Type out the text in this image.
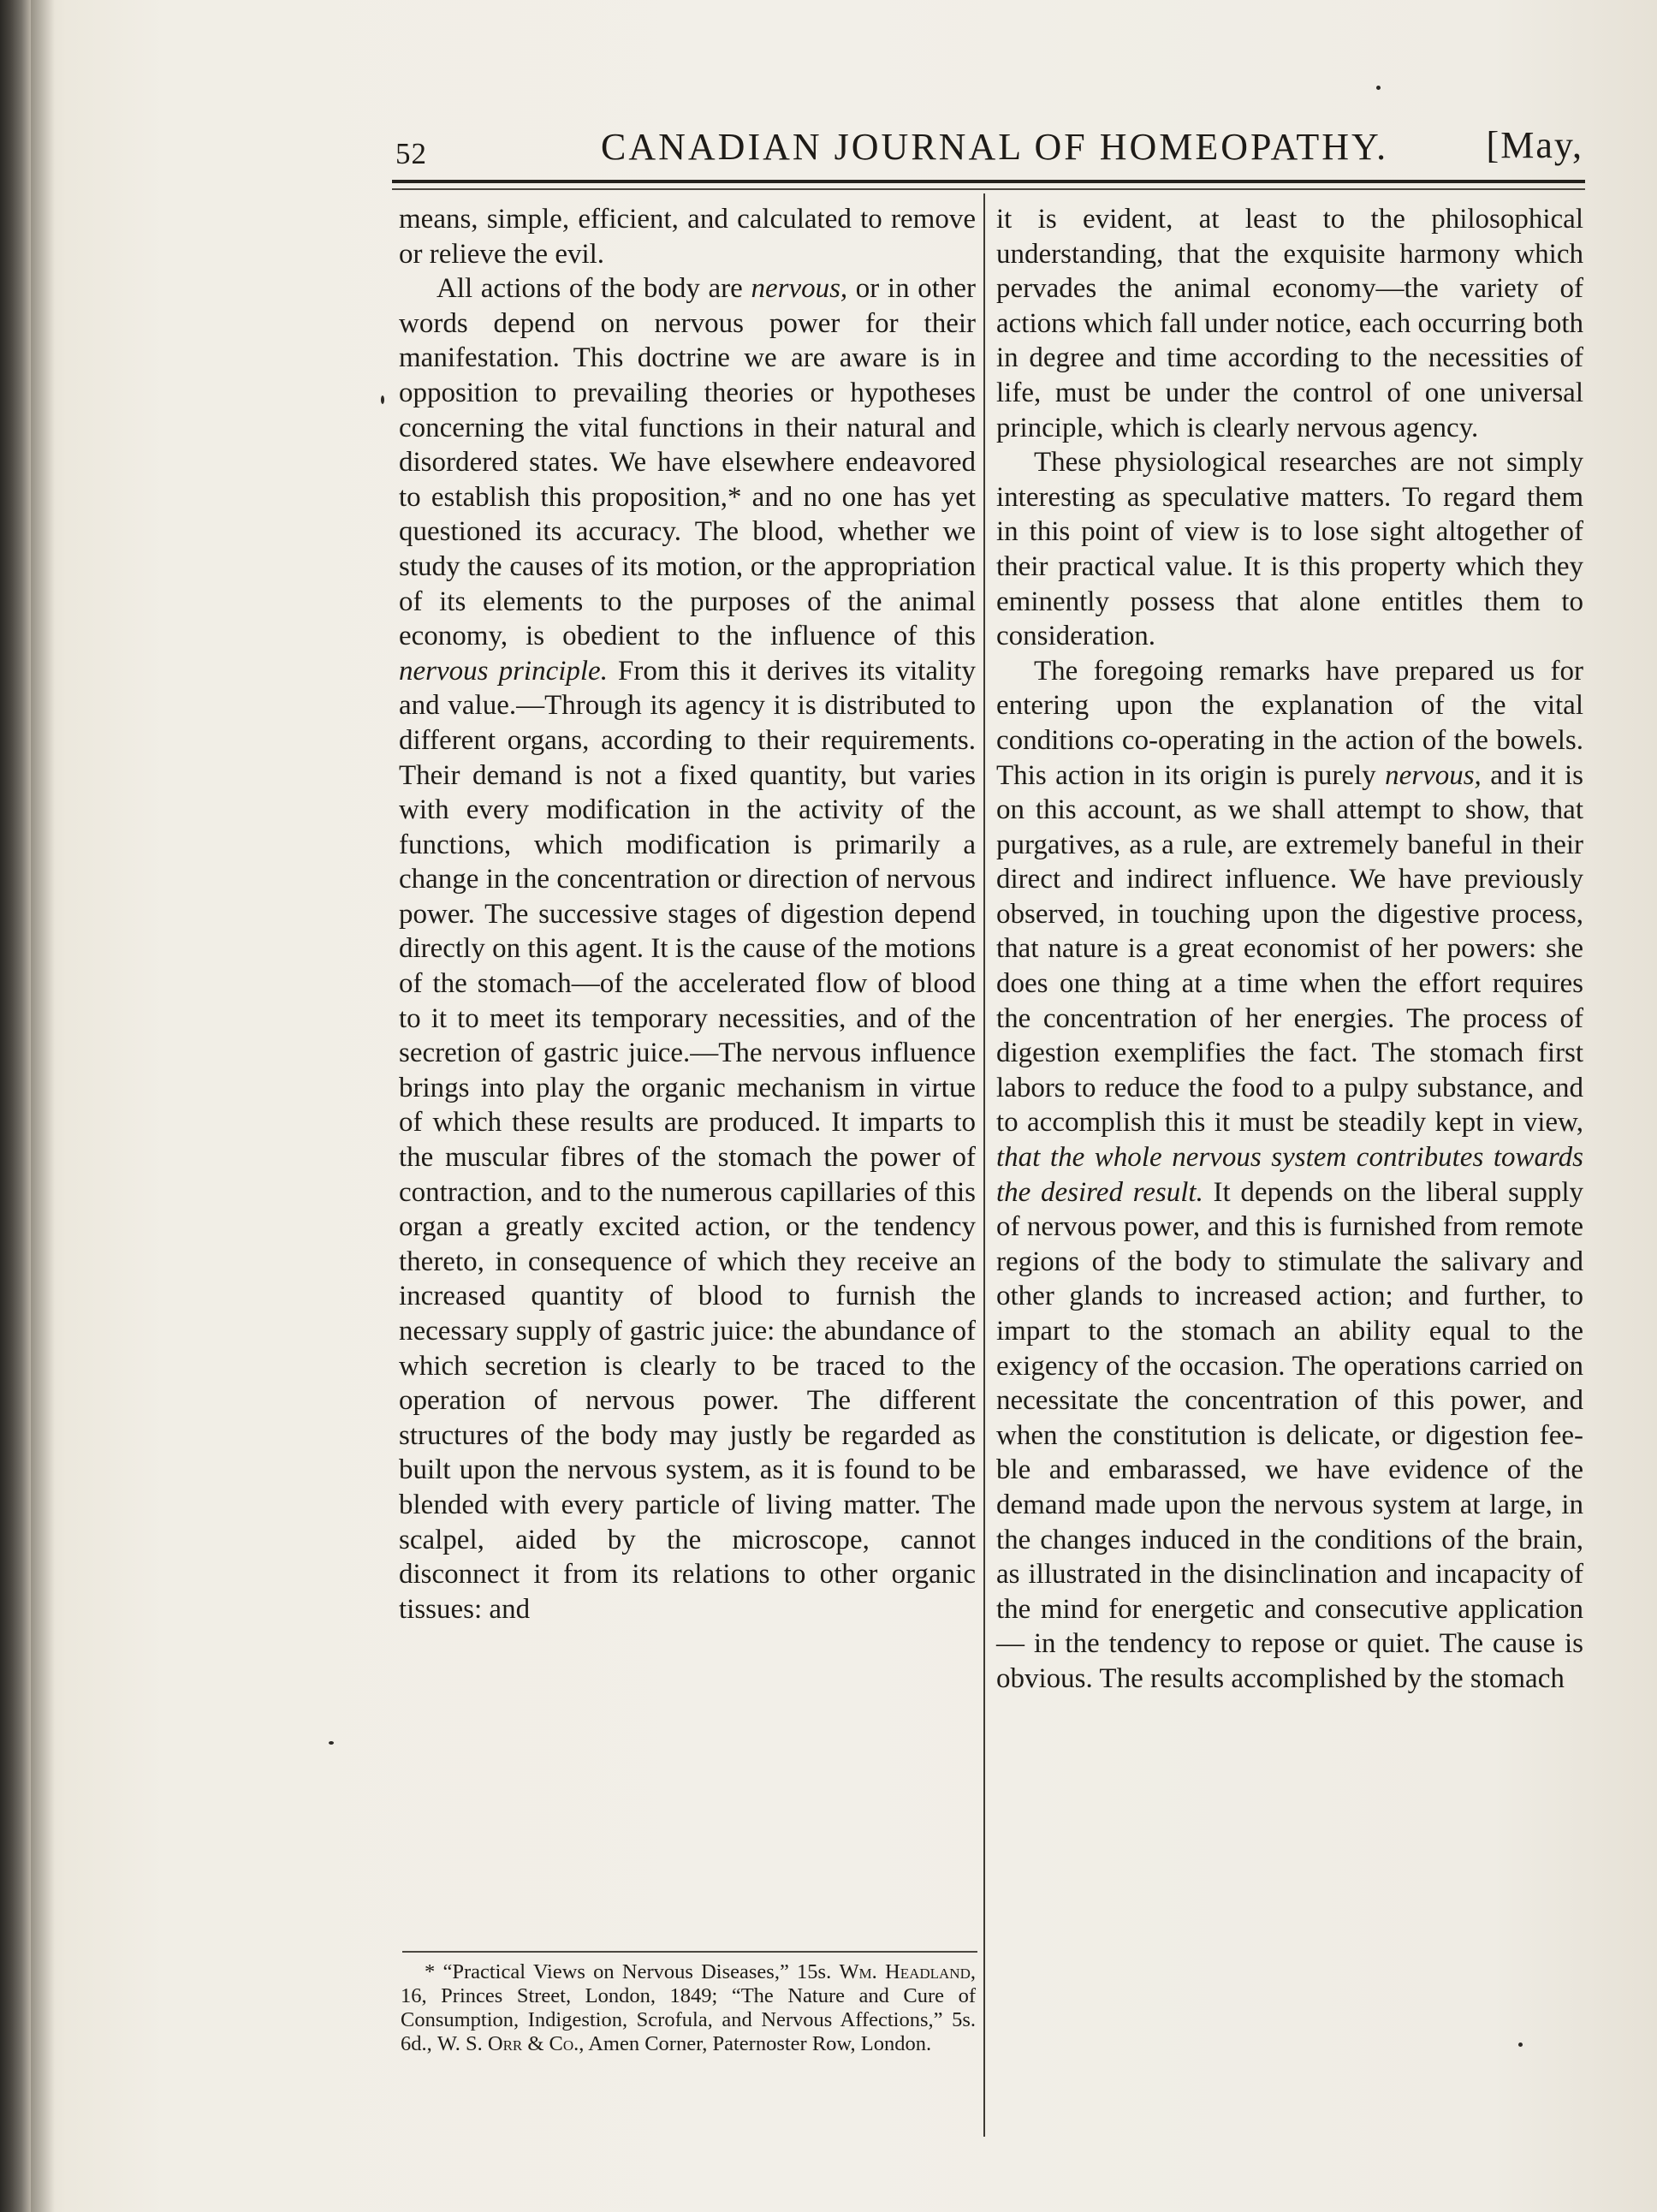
52	CANADIAN JOURNAL OF HOMEOPATHY.	[May,

means, simple, efficient, and calculated to remove or relieve the evil.

All actions of the body are nervous, or in other words depend on nervous power for their manifestation. This doctrine we are aware is in opposition to prevailing theories or hypotheses concerning the vital functions in their natural and disordered states. We have elsewhere endeavored to establish this proposition,* and no one has yet questioned its accuracy. The blood, whether we study the causes of its motion, or the appropriation of its elements to the purposes of the animal economy, is obedient to the influence of this nervous principle. From this it derives its vitality and value.—Through its agency it is distributed to different organs, according to their requirements. Their demand is not a fixed quantity, but varies with every modification in the activity of the functions, which modification is primarily a change in the concentration or direction of nervous power. The successive stages of digestion depend directly on this agent. It is the cause of the motions of the stomach—of the accelerated flow of blood to it to meet its temporary necessities, and of the secretion of gastric juice.—The nervous influence brings into play the organic mechanism in virtue of which these results are produced. It imparts to the muscular fibres of the stomach the power of contraction, and to the numerous capillaries of this organ a greatly excited action, or the tendency thereto, in consequence of which they receive an increased quantity of blood to furnish the necessary supply of gastric juice: the abundance of which secretion is clearly to be traced to the operation of nervous power. The different structures of the body may justly be regarded as built upon the nervous system, as it is found to be blended with every particle of living matter. The scalpel, aided by the microscope, cannot disconnect it from its relations to other organic tissues: and

* “Practical Views on Nervous Diseases,” 15s. Wm. Headland, 16, Princes Street, London, 1849; “The Nature and Cure of Consumption, Indigestion, Scrofula, and Nervous Affections,” 5s. 6d., W. S. Orr & Co., Amen Corner, Paternoster Row, London.

it is evident, at least to the philosophical understanding, that the exquisite harmony which pervades the animal economy—the variety of actions which fall under notice, each occurring both in degree and time according to the necessities of life, must be under the control of one universal principle, which is clearly nervous agency.

These physiological researches are not simply interesting as speculative matters. To regard them in this point of view is to lose sight altogether of their practical value. It is this property which they eminently possess that alone entitles them to consideration.

The foregoing remarks have prepared us for entering upon the explanation of the vital conditions co-operating in the action of the bowels. This action in its origin is purely nervous, and it is on this account, as we shall attempt to show, that purgatives, as a rule, are extremely baneful in their direct and indirect influence. We have previously observed, in touching upon the digestive process, that nature is a great economist of her powers: she does one thing at a time when the effort requires the concentration of her energies. The process of digestion exemplifies the fact. The stomach first labors to reduce the food to a pulpy substance, and to accomplish this it must be steadily kept in view, that the whole nervous system contributes towards the desired result. It depends on the liberal supply of nervous power, and this is furnished from remote regions of the body to stimulate the salivary and other glands to increased action; and further, to impart to the stomach an ability equal to the exigency of the occasion. The operations carried on necessitate the concentration of this power, and when the constitution is delicate, or digestion feeble and embarassed, we have evidence of the demand made upon the nervous system at large, in the changes induced in the conditions of the brain, as illustrated in the disinclination and incapacity of the mind for energetic and consecutive application — in the tendency to repose or quiet. The cause is obvious. The results accomplished by the stomach
